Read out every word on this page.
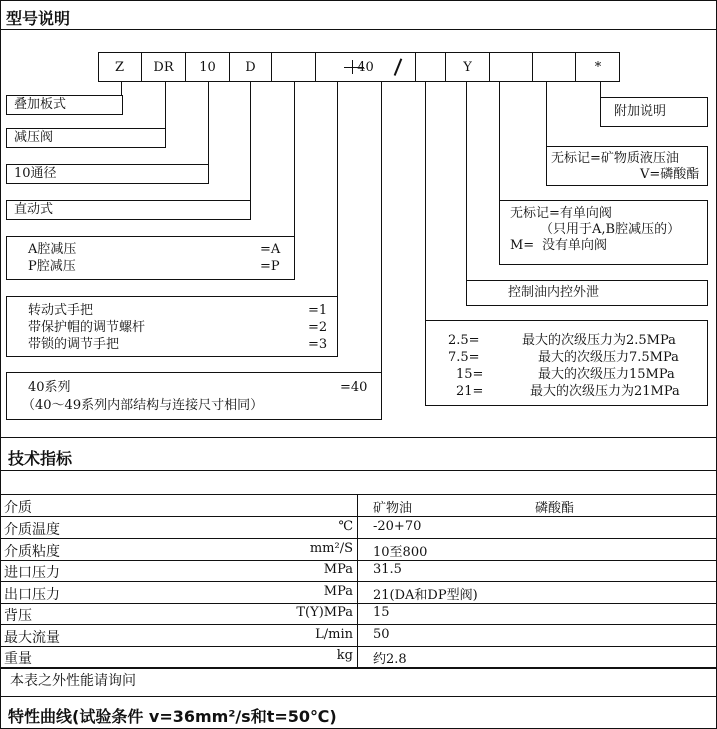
型号说明
Z	DR	10	D	40	Y	*
叠加板式
减压阀
10通径
直动式
A腔减压	=A
P腔减压	=P
转动式手把	=1
带保护帽的调节螺杆	=2
带锁的调节手把	=3
40系列	=40
（40～49系列内部结构与连接尺寸相同）
附加说明
无标记=矿物质液压油
V=磷酸酯
无标记=有单向阀
（只用于A,B腔减压的）
M= 没有单向阀
控制油内控外泄
2.5=	最大的次级压力为2.5MPa
7.5=	最大的次级压力7.5MPa
15=	最大的次级压力15MPa
21=	最大的次级压力为21MPa
技术指标
介质	矿物油	磷酸酯
介质温度	℃ -20+70
介质粘度	mm²/S 10至800
进口压力	MPa 31.5
出口压力	MPa 21(DA和DP型阀)
背压	T(Y)MPa 15
最大流量	L/min 50
重量	kg 约2.8
本表之外性能请询问
特性曲线(试验条件 v=36mm²/s和t=50℃)
